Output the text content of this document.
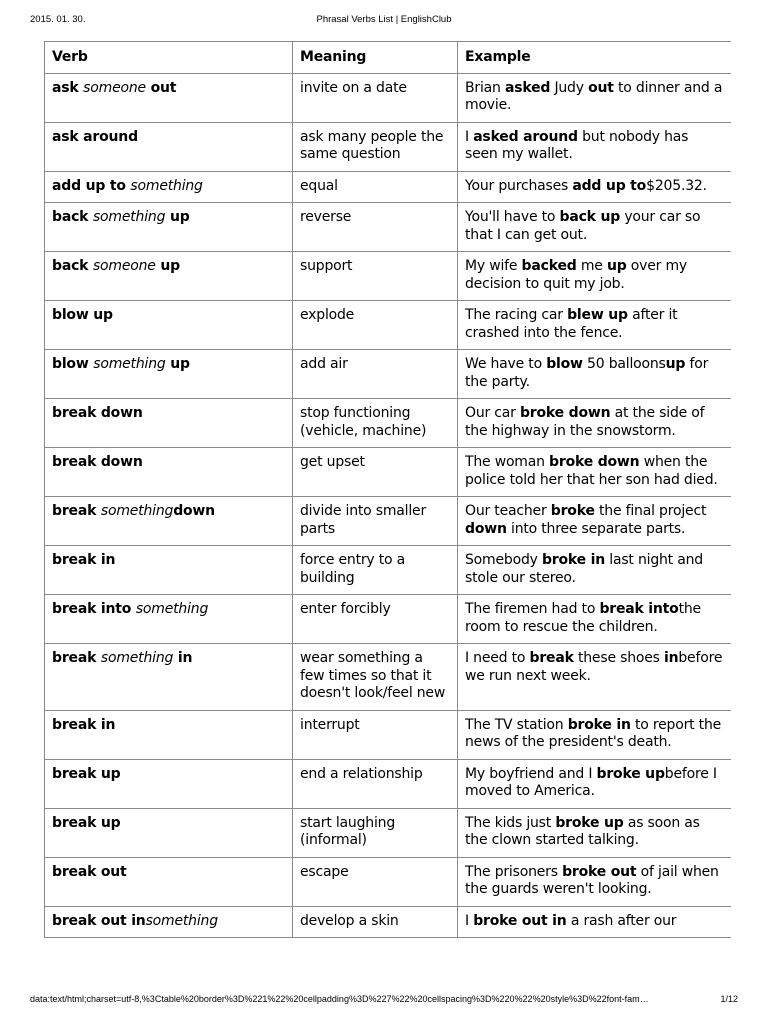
2015. 01. 30.	Phrasal Verbs List | EnglishClub
Verb	Meaning	Example
ask someone out	invite on a date	Brian asked Judy out to dinner and a movie.
ask around	ask many people the same question	I asked around but nobody has seen my wallet.
add up to something	equal	Your purchases add up to$205.32.
back something up	reverse	You'll have to back up your car so that I can get out.
back someone up	support	My wife backed me up over my decision to quit my job.
blow up	explode	The racing car blew up after it crashed into the fence.
blow something up	add air	We have to blow 50 balloonsup for the party.
break down	stop functioning (vehicle, machine)	Our car broke down at the side of the highway in the snowstorm.
break down	get upset	The woman broke down when the police told her that her son had died.
break somethingdown	divide into smaller parts	Our teacher broke the final project down into three separate parts.
break in	force entry to a building	Somebody broke in last night and stole our stereo.
break into something	enter forcibly	The firemen had to break intothe room to rescue the children.
break something in	wear something a few times so that it doesn't look/feel new	I need to break these shoes inbefore we run next week.
break in	interrupt	The TV station broke in to report the news of the president's death.
break up	end a relationship	My boyfriend and I broke upbefore I moved to America.
break up	start laughing (informal)	The kids just broke up as soon as the clown started talking.
break out	escape	The prisoners broke out of jail when the guards weren't looking.
break out insomething	develop a skin	I broke out in a rash after our
data:text/html;charset=utf-8,%3Ctable%20border%3D%221%22%20cellpadding%3D%227%22%20cellspacing%3D%220%22%20style%3D%22font-fam…	1/12
